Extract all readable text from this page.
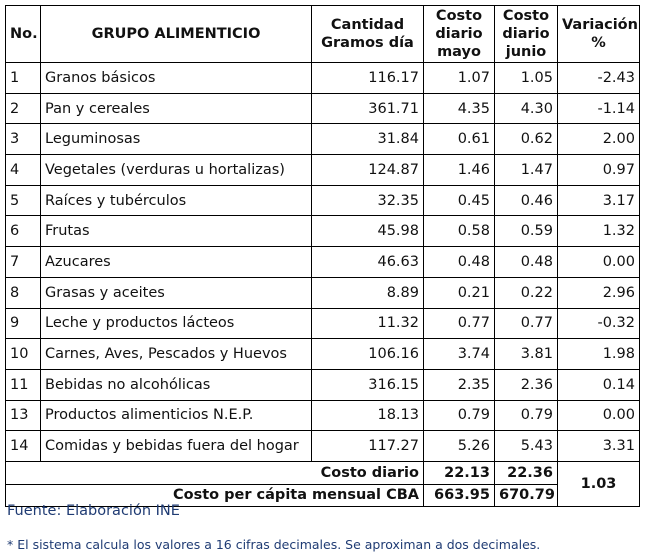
No.	GRUPO ALIMENTICIO	Cantidad Gramos día	Costo diario mayo	Costo diario junio	Variación %
1	Granos básicos	116.17	1.07	1.05	-2.43
2	Pan y cereales	361.71	4.35	4.30	-1.14
3	Leguminosas	31.84	0.61	0.62	2.00
4	Vegetales (verduras u hortalizas)	124.87	1.46	1.47	0.97
5	Raíces y tubérculos	32.35	0.45	0.46	3.17
6	Frutas	45.98	0.58	0.59	1.32
7	Azucares	46.63	0.48	0.48	0.00
8	Grasas y aceites	8.89	0.21	0.22	2.96
9	Leche y productos lácteos	11.32	0.77	0.77	-0.32
10	Carnes, Aves, Pescados y Huevos	106.16	3.74	3.81	1.98
11	Bebidas no alcohólicas	316.15	2.35	2.36	0.14
13	Productos alimenticios N.E.P.	18.13	0.79	0.79	0.00
14	Comidas y bebidas fuera del hogar	117.27	5.26	5.43	3.31
Costo diario			22.13	22.36	1.03
Costo per cápita mensual CBA			663.95	670.79	
Fuente: Elaboración INE
* El sistema calcula los valores a 16 cifras decimales. Se aproximan a dos decimales.
